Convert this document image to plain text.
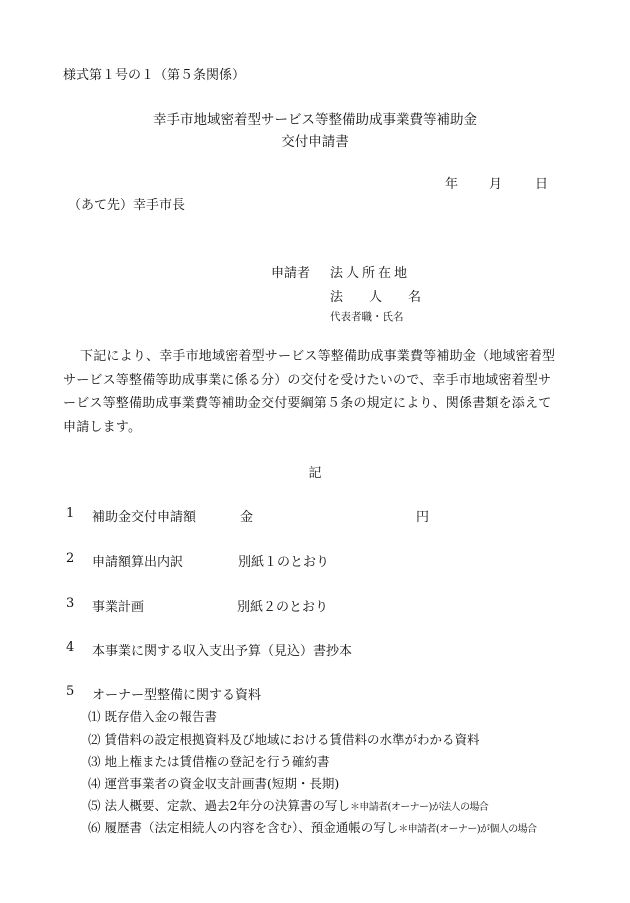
様式第１号の１（第５条関係）
幸手市地域密着型サービス等整備助成事業費等補助金
交付申請書
年 月	日
（あて先）幸手市長
申請者 法人所在地
法 人 名
代表者職・氏名
下記により、幸手市地域密着型サービス等整備助成事業費等補助金（地域密着型サービス等整備等助成事業に係る分）の交付を受けたいので、幸手市地域密着型サービス等整備助成事業費等補助金交付要綱第５条の規定により、関係書類を添えて申請します。
記
1 補助金交付申請額	金	円
2 申請額算出内訳	別紙１のとおり
3 事業計画	別紙２のとおり
4 本事業に関する収入支出予算（見込）書抄本
5 オーナー型整備に関する資料
⑴ 既存借入金の報告書
⑵ 賃借料の設定根拠資料及び地域における賃借料の水準がわかる資料
⑶ 地上権または賃借権の登記を行う確約書
⑷ 運営事業者の資金収支計画書(短期・長期)
⑸ 法人概要、定款、過去2年分の決算書の写し＊申請者(オーナー)が法人の場合
⑹ 履歴書（法定相続人の内容を含む）、預金通帳の写し＊申請者(オーナー)が個人の場合
